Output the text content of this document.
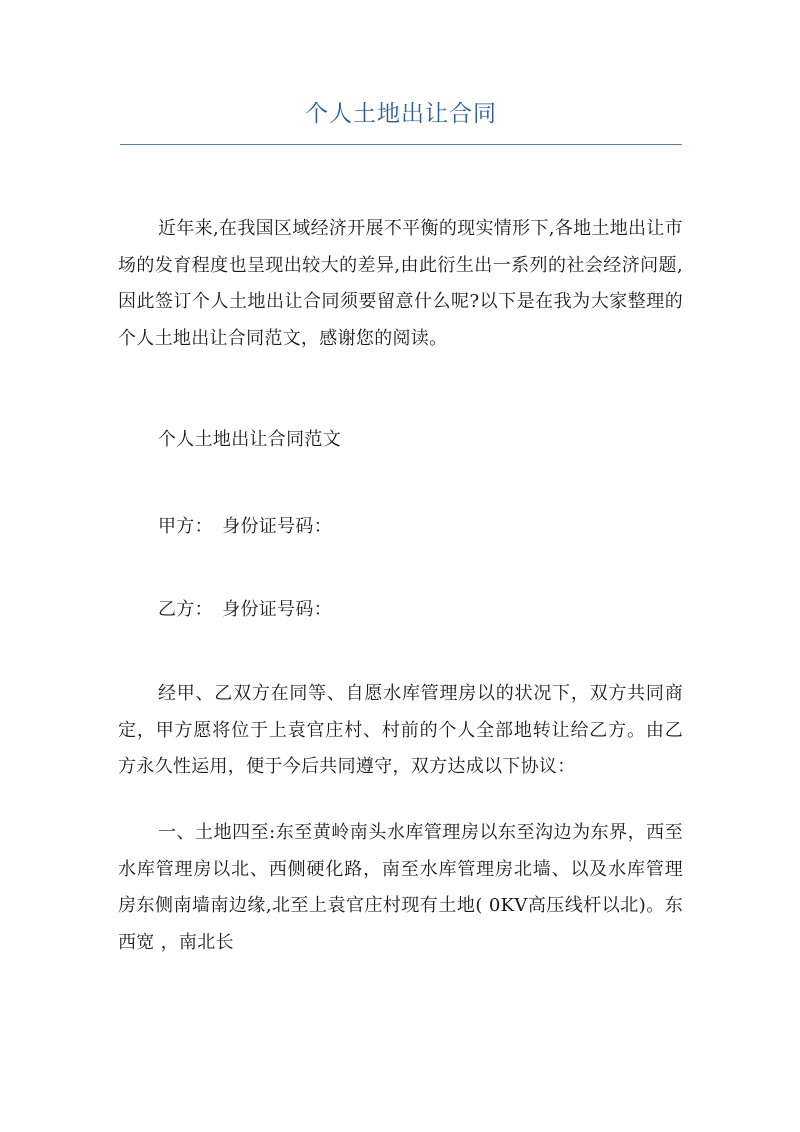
个人土地出让合同

近年来,在我国区域经济开展不平衡的现实情形下,各地土地出让市场的发育程度也呈现出较大的差异,由此衍生出一系列的社会经济问题,因此签订个人土地出让合同须要留意什么呢?以下是在我为大家整理的个人土地出让合同范文，感谢您的阅读。

个人土地出让合同范文

甲方：　身份证号码：

乙方：　身份证号码：

经甲、乙双方在同等、自愿水库管理房以的状况下，双方共同商定，甲方愿将位于上袁官庄村、村前的个人全部地转让给乙方。由乙方永久性运用，便于今后共同遵守，双方达成以下协议：

一、土地四至:东至黄岭南头水库管理房以东至沟边为东界，西至水库管理房以北、西侧硬化路，南至水库管理房北墙、以及水库管理房东侧南墙南边缘,北至上袁官庄村现有土地( 0KV高压线杆以北)。东西宽 ，南北长
